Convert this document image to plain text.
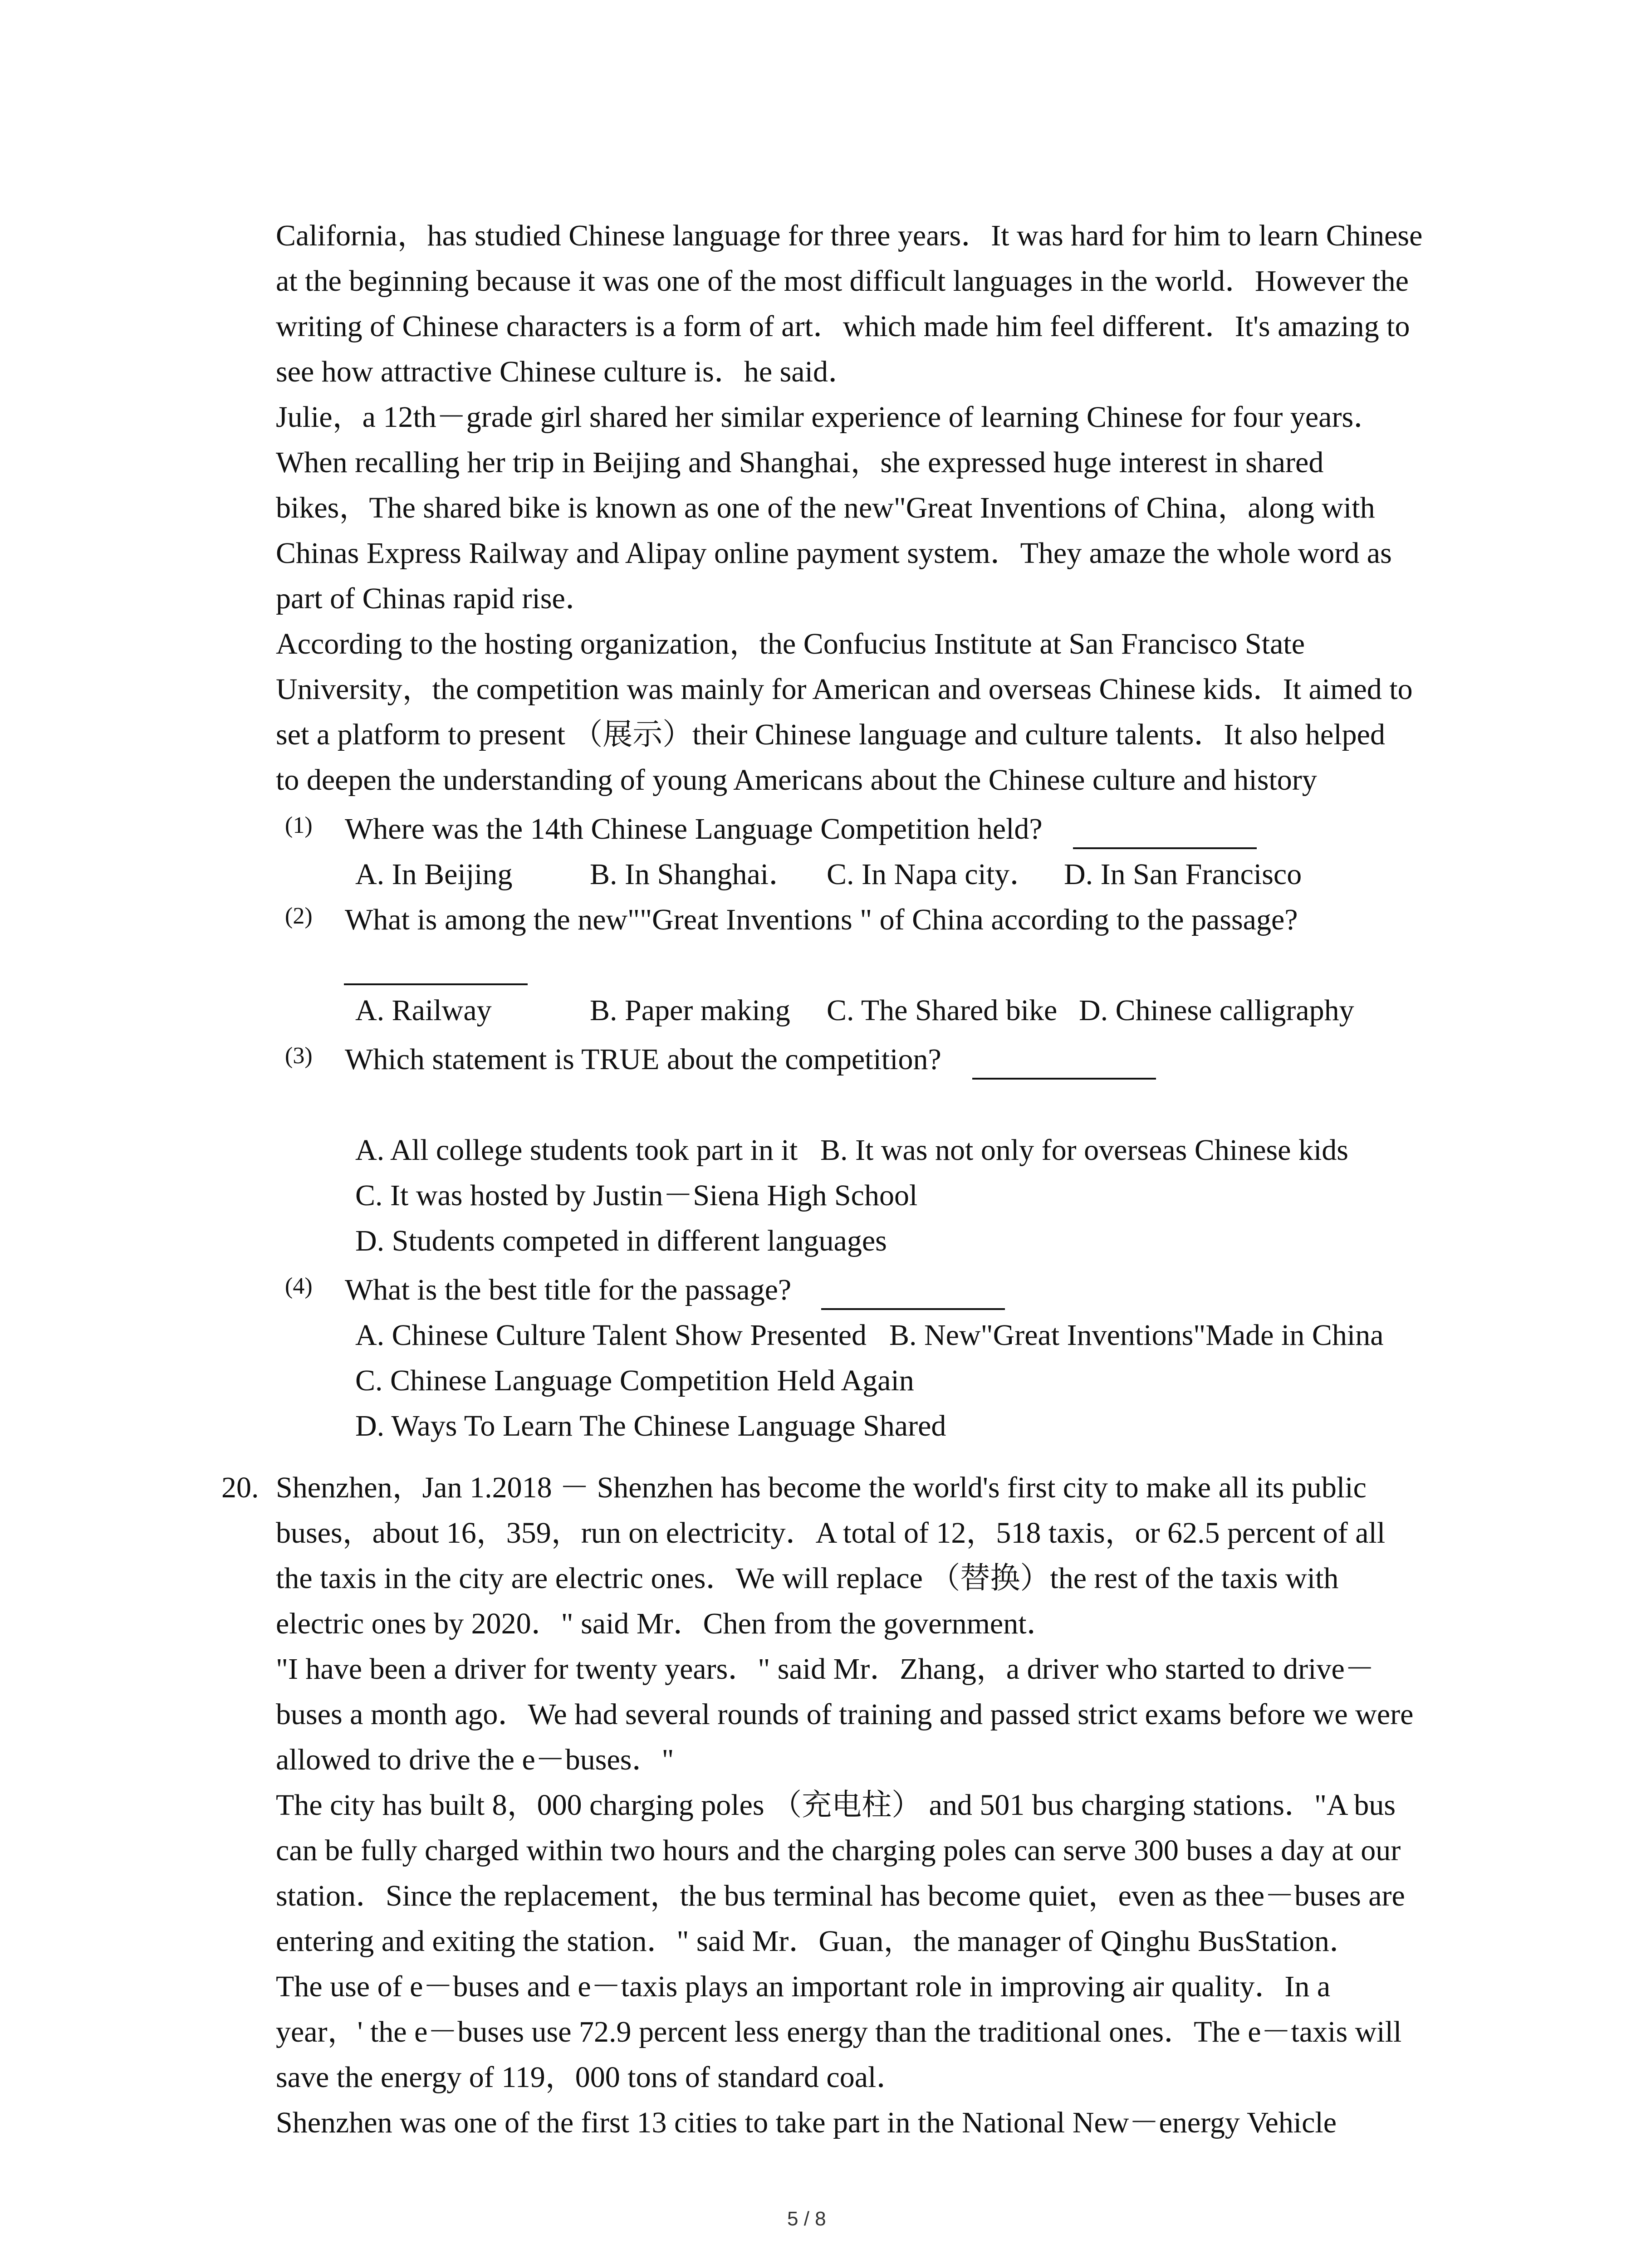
California，has studied Chinese language for three years．It was hard for him to learn Chinese
at the beginning because it was one of the most difficult languages in the world．However the
writing of Chinese characters is a form of art．which made him feel different．It's amazing to
see how attractive Chinese culture is．he said．
Julie，a 12th－grade girl shared her similar experience of learning Chinese for four years．
When recalling her trip in Beijing and Shanghai，she expressed huge interest in shared
bikes，The shared bike is known as one of the new"Great Inventions of China，along with
Chinas Express Railway and Alipay online payment system．They amaze the whole word as
part of Chinas rapid rise．
According to the hosting organization，the Confucius Institute at San Francisco State
University，the competition was mainly for American and overseas Chinese kids．It aimed to
set a platform to present （展示）their Chinese language and culture talents．It also helped
to deepen the understanding of young Americans about the Chinese culture and history
(1) Where was the 14th Chinese Language Competition held?
A. In Beijing	B. In Shanghai． C. In Napa city． D. In San Francisco
(2) What is among the new""Great Inventions " of China according to the passage?
A. Railway	B. Paper making C. The Shared bike D. Chinese calligraphy
(3) Which statement is TRUE about the competition?
A. All college students took part in it B. It was not only for overseas Chinese kids
C. It was hosted by Justin－Siena High School
D. Students competed in different languages
(4) What is the best title for the passage?
A. Chinese Culture Talent Show Presented B. New"Great Inventions"Made in China
C. Chinese Language Competition Held Again
D. Ways To Learn The Chinese Language Shared
20. Shenzhen，Jan 1.2018 － Shenzhen has become the world's first city to make all its public
buses，about 16，359，run on electricity．A total of 12，518 taxis，or 62.5 percent of all
the taxis in the city are electric ones．We will replace （替换）the rest of the taxis with
electric ones by 2020．" said Mr．Chen from the government．
"I have been a driver for twenty years．" said Mr．Zhang，a driver who started to drive－
buses a month ago．We had several rounds of training and passed strict exams before we were
allowed to drive the e－buses．"
The city has built 8，000 charging poles （充电柱） and 501 bus charging stations．"A bus
can be fully charged within two hours and the charging poles can serve 300 buses a day at our
station．Since the replacement，the bus terminal has become quiet，even as thee－buses are
entering and exiting the station．" said Mr．Guan，the manager of Qinghu BusStation．
The use of e－buses and e－taxis plays an important role in improving air quality．In a
year，' the e－buses use 72.9 percent less energy than the traditional ones．The e－taxis will
save the energy of 119，000 tons of standard coal．
Shenzhen was one of the first 13 cities to take part in the National New－energy Vehicle
5 / 8
